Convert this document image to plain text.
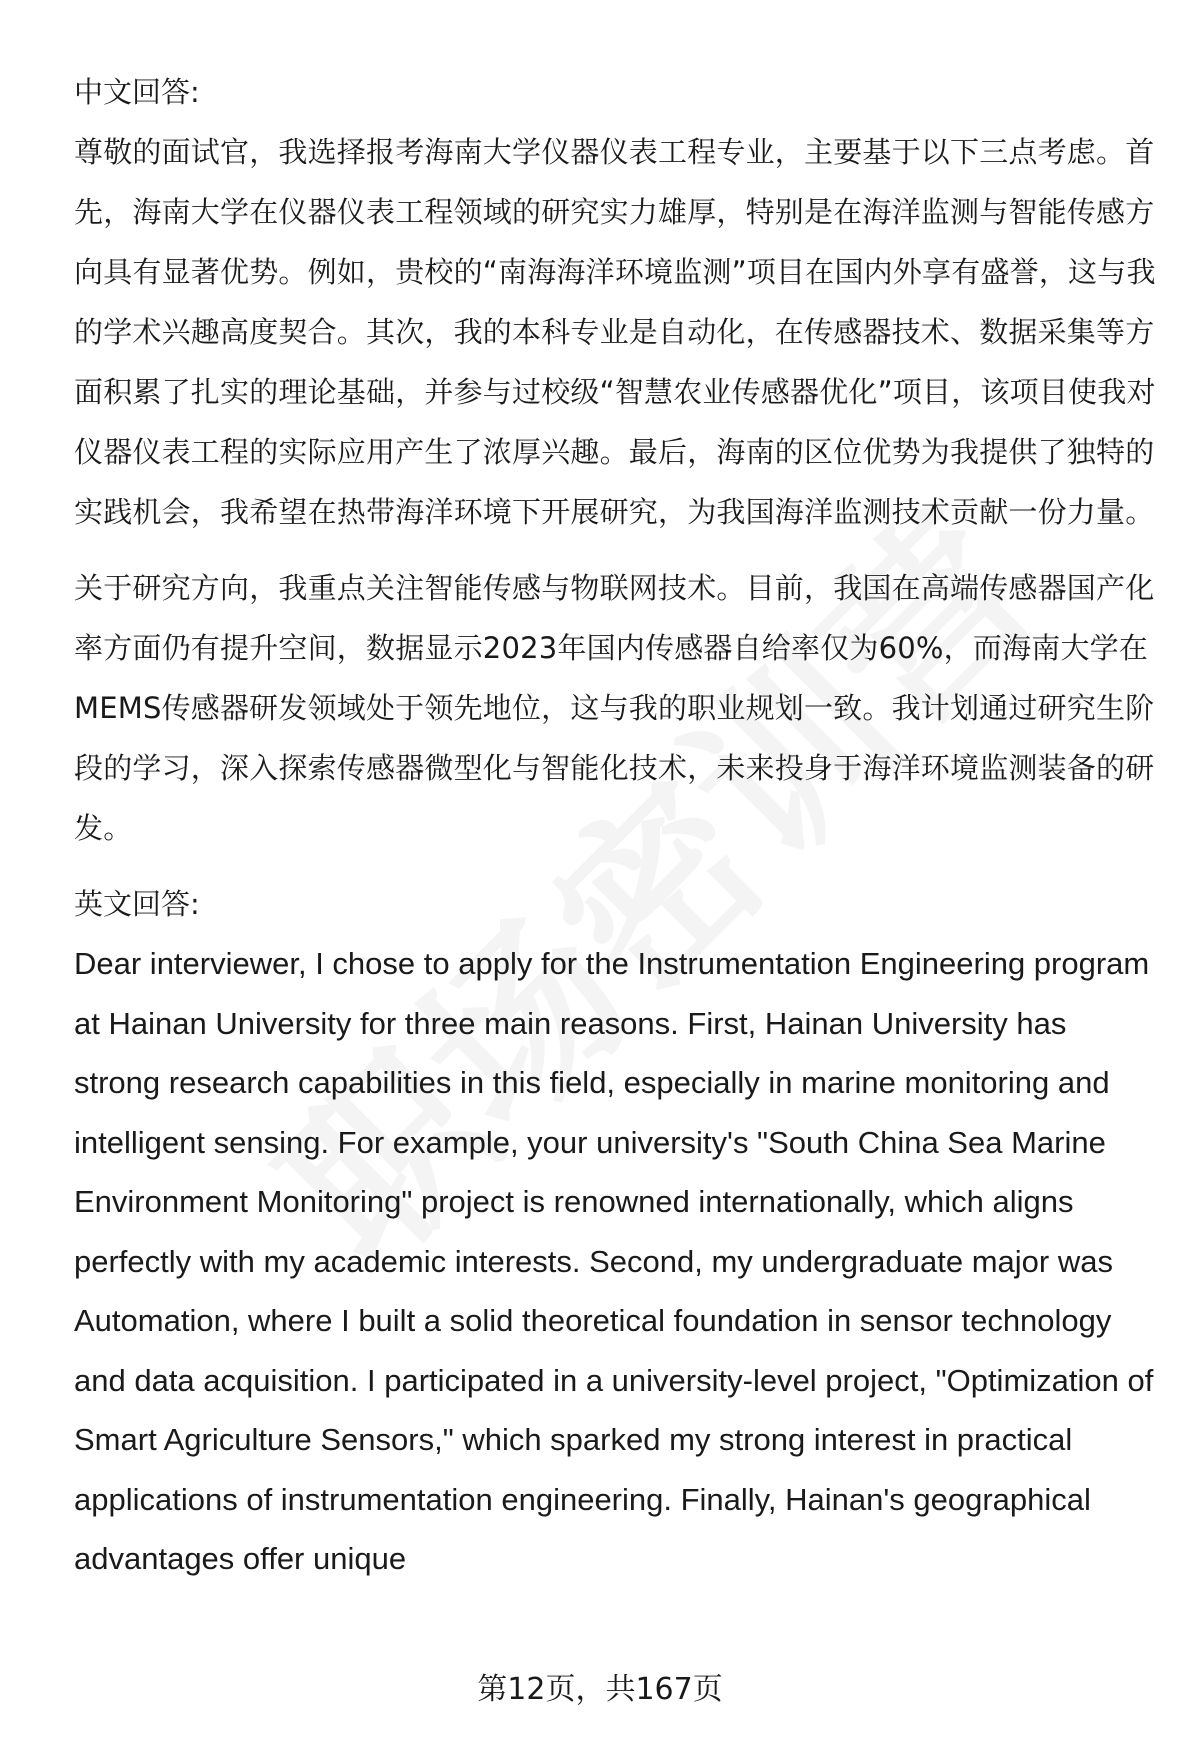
中文回答:

尊敬的面试官，我选择报考海南大学仪器仪表工程专业，主要基于以下三点考虑。首先，海南大学在仪器仪表工程领域的研究实力雄厚，特别是在海洋监测与智能传感方向具有显著优势。例如，贵校的“南海海洋环境监测”项目在国内外享有盛誉，这与我的学术兴趣高度契合。其次，我的本科专业是自动化，在传感器技术、数据采集等方面积累了扎实的理论基础，并参与过校级“智慧农业传感器优化”项目，该项目使我对仪器仪表工程的实际应用产生了浓厚兴趣。最后，海南的区位优势为我提供了独特的实践机会，我希望在热带海洋环境下开展研究，为我国海洋监测技术贡献一份力量。

关于研究方向，我重点关注智能传感与物联网技术。目前，我国在高端传感器国产化率方面仍有提升空间，数据显示2023年国内传感器自给率仅为60%，而海南大学在MEMS传感器研发领域处于领先地位，这与我的职业规划一致。我计划通过研究生阶段的学习，深入探索传感器微型化与智能化技术，未来投身于海洋环境监测装备的研发。

英文回答:

Dear interviewer, I chose to apply for the Instrumentation Engineering program at Hainan University for three main reasons. First, Hainan University has strong research capabilities in this field, especially in marine monitoring and intelligent sensing. For example, your university's "South China Sea Marine Environment Monitoring" project is renowned internationally, which aligns perfectly with my academic interests. Second, my undergraduate major was Automation, where I built a solid theoretical foundation in sensor technology and data acquisition. I participated in a university-level project, "Optimization of Smart Agriculture Sensors," which sparked my strong interest in practical applications of instrumentation engineering. Finally, Hainan's geographical advantages offer unique

第12页，共167页
